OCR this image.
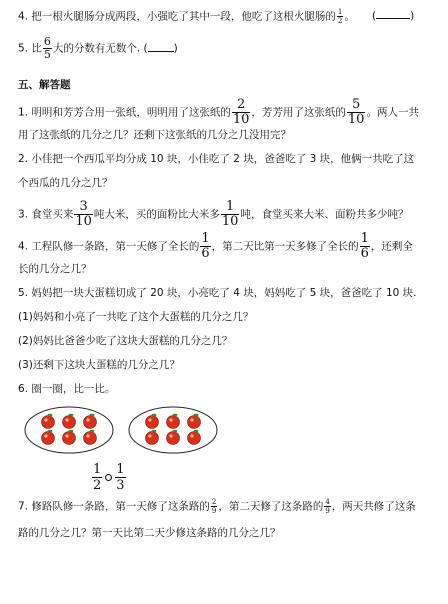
4. 把一根火腿肠分成两段，小强吃了其中一段，他吃了这根火腿肠的 $\frac{1}{2}$ 。 (	)
5. 比 $\frac{6}{5}$ 大的分数有无数个. ( )
五、解答题
1. 明明和芳芳合用一张纸，明明用了这张纸的 $\frac{2}{10}$ ，芳芳用了这张纸的 $\frac{5}{10}$ 。两人一共
用了这张纸的几分之几？还剩下这张纸的几分之几没用完？
2. 小佳把一个西瓜平均分成 10 块，小佳吃了 2 块，爸爸吃了 3 块，他俩一共吃了这
个西瓜的几分之几？
3. 食堂买来 $\frac{3}{10}$ 吨大米，买的面粉比大米多 $\frac{1}{10}$ 吨，食堂买来大米、面粉共多少吨？
4. 工程队修一条路，第一天修了全长的 $\frac{1}{6}$ ，第二天比第一天多修了全长的 $\frac{1}{6}$ ，还剩全
长的几分之几？
5. 妈妈把一块大蛋糕切成了 20 块，小亮吃了 4 块，妈妈吃了 5 块，爸爸吃了 10 块.
(1)妈妈和小亮了一共吃了这个大蛋糕的几分之几？
(2)妈妈比爸爸少吃了这块大蛋糕的几分之几？
(3)还剩下这块大蛋糕的几分之几？
6. 圈一圈，比一比。
$\frac{1}{2} \frac{1}{3}$
7. 修路队修一条路，第一天修了这条路的 $\frac{2}{9}$ ，第二天修了这条路的 $\frac{4}{9}$ ，两天共修了这条
路的几分之几？第一天比第二天少修这条路的几分之几？
